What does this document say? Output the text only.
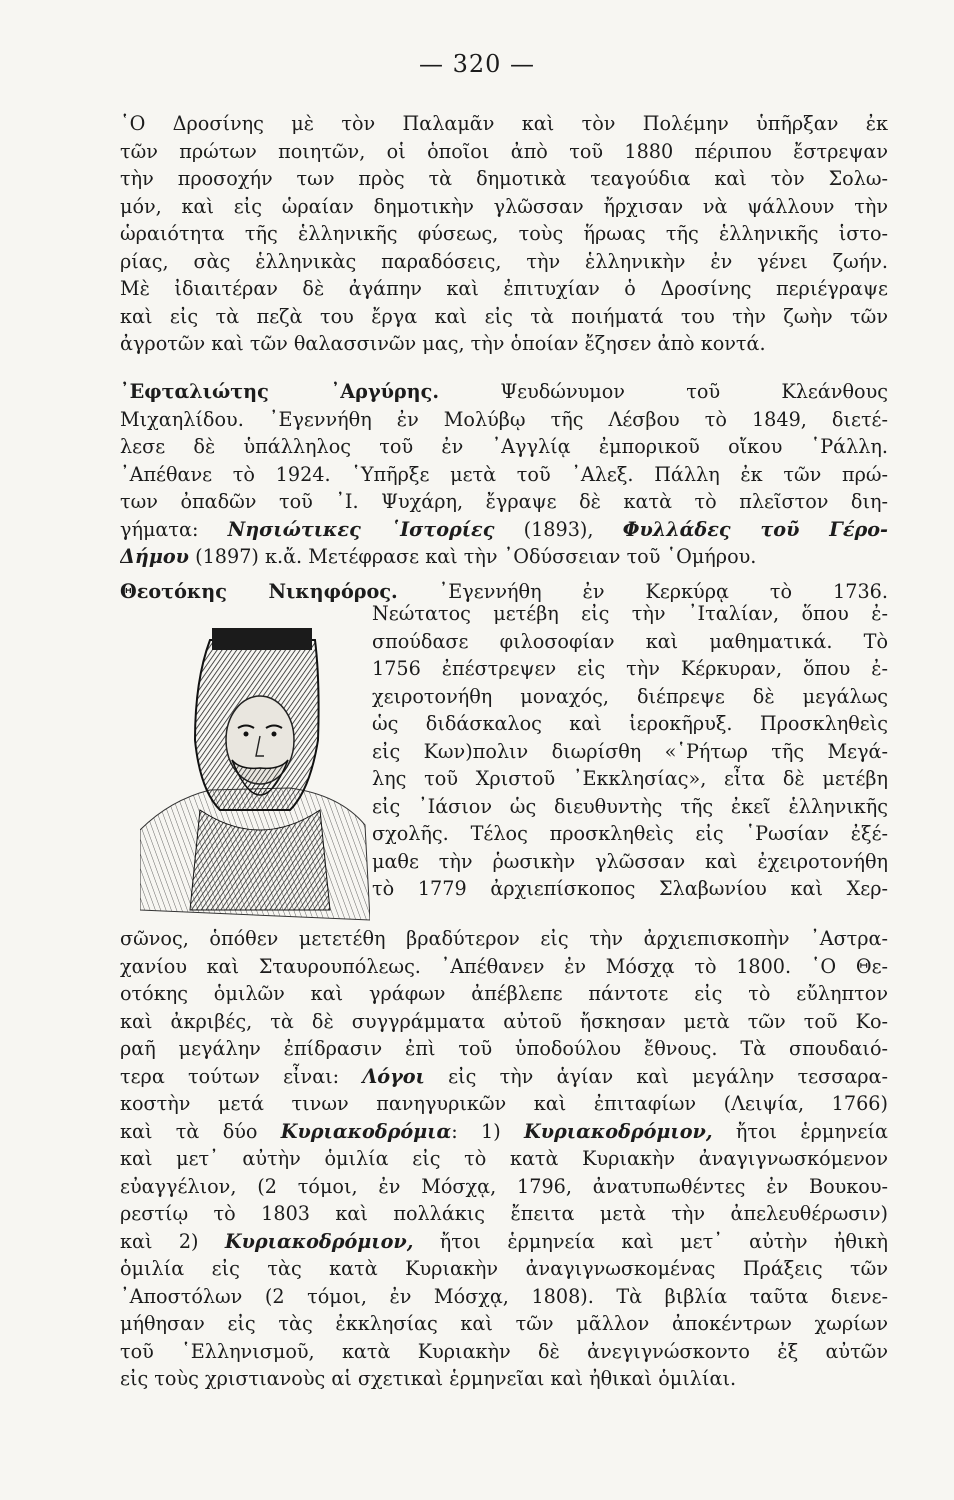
— 320 —
῾Ο Δροσίνης μὲ τὸν Παλαμᾶν καὶ τὸν Πολέμην ὑπῆρξαν ἐκ
τῶν πρώτων ποιητῶν, οἱ ὁποῖοι ἀπὸ τοῦ 1880 πέριπου ἔστρεψαν
τὴν προσοχήν των πρὸς τὰ δημοτικὰ τεαγούδια καὶ τὸν Σολω-
μόν, καὶ εἰς ὡραίαν δημοτικὴν γλῶσσαν ἤρχισαν νὰ ψάλλουν τὴν
ὡραιότητα τῆς ἑλληνικῆς φύσεως, τοὺς ἥρωας τῆς ἑλληνικῆς ἱστο-
ρίας, σὰς ἑλληνικὰς παραδόσεις, τὴν ἑλληνικὴν ἐν γένει ζωήν.
Μὲ ἰδιαιτέραν δὲ ἀγάπην καὶ ἐπιτυχίαν ὁ Δροσίνης περιέγραψε
καὶ εἰς τὰ πεζὰ του ἔργα καὶ εἰς τὰ ποιήματά του τὴν ζωὴν τῶν
ἀγροτῶν καὶ τῶν θαλασσινῶν μας, τὴν ὁποίαν ἔζησεν ἀπὸ κοντά.
᾿Εφταλιώτης ᾿Αργύρης. Ψευδώνυμον τοῦ Κλεάνθους
Μιχαηλίδου. ᾿Εγεννήθη ἐν Μολύβῳ τῆς Λέσβου τὸ 1849, διετέ-
λεσε δὲ ὑπάλληλος τοῦ ἐν ᾿Αγγλίᾳ ἐμπορικοῦ οἴκου ῾Ράλλη.
᾿Απέθανε τὸ 1924. ῾Υπῆρξε μετὰ τοῦ ᾿Αλεξ. Πάλλη ἐκ τῶν πρώ-
των ὀπαδῶν τοῦ ᾿Ι. Ψυχάρη, ἔγραψε δὲ κατὰ τὸ πλεῖστον διη-
γήματα: Νησιώτικες ῾Ιστορίες (1893), Φυλλάδες τοῦ Γέρο-
Δήμου (1897) κ.ἄ. Μετέφρασε καὶ τὴν ᾿Οδύσσειαν τοῦ ῾Ομήρου.
Θεοτόκης Νικηφόρος. ᾿Εγεννήθη ἐν Κερκύρᾳ τὸ 1736.
Νεώτατος μετέβη εἰς τὴν ᾿Ιταλίαν, ὅπου ἐ-
σπούδασε φιλοσοφίαν καὶ μαθηματικά. Τὸ
1756 ἐπέστρεψεν εἰς τὴν Κέρκυραν, ὅπου ἐ-
χειροτονήθη μοναχός, διέπρεψε δὲ μεγάλως
ὡς διδάσκαλος καὶ ἱεροκῆρυξ. Προσκληθεὶς
εἰς Κων)πολιν διωρίσθη «῾Ρήτωρ τῆς Μεγά-
λης τοῦ Χριστοῦ ᾿Εκκλησίας», εἶτα δὲ μετέβη
εἰς ᾿Ιάσιον ὡς διευθυντὴς τῆς ἐκεῖ ἑλληνικῆς
σχολῆς. Τέλος προσκληθεὶς εἰς ῾Ρωσίαν ἐξέ-
μαθε τὴν ῥωσικὴν γλῶσσαν καὶ ἐχειροτονήθη
τὸ 1779 ἀρχιεπίσκοπος Σλαβωνίου καὶ Χερ-
σῶνος, ὁπόθεν μετετέθη βραδύτερον εἰς τὴν ἀρχιεπισκοπὴν ᾿Αστρα-
χανίου καὶ Σταυρουπόλεως. ᾿Απέθανεν ἐν Μόσχᾳ τὸ 1800. ῾Ο Θε-
οτόκης ὁμιλῶν καὶ γράφων ἀπέβλεπε πάντοτε εἰς τὸ εὔληπτον
καὶ ἀκριβές, τὰ δὲ συγγράμματα αὐτοῦ ἤσκησαν μετὰ τῶν τοῦ Κο-
ραῆ μεγάλην ἐπίδρασιν ἐπὶ τοῦ ὑποδούλου ἔθνους. Τὰ σπουδαιό-
τερα τούτων εἶναι: Λόγοι εἰς τὴν ἁγίαν καὶ μεγάλην τεσσαρα-
κοστὴν μετά τινων πανηγυρικῶν καὶ ἐπιταφίων (Λειψία, 1766)
καὶ τὰ δύο Κυριακοδρόμια: 1) Κυριακοδρόμιον, ἤτοι ἑρμηνεία
καὶ μετ᾿ αὐτὴν ὁμιλία εἰς τὸ κατὰ Κυριακὴν ἀναγιγνωσκόμενον
εὐαγγέλιον, (2 τόμοι, ἐν Μόσχᾳ, 1796, ἀνατυπωθέντες ἐν Βουκου-
ρεστίῳ τὸ 1803 καὶ πολλάκις ἔπειτα μετὰ τὴν ἀπελευθέρωσιν)
καὶ 2) Κυριακοδρόμιον, ἤτοι ἑρμηνεία καὶ μετ᾿ αὐτὴν ἠθικὴ
ὁμιλία εἰς τὰς κατὰ Κυριακὴν ἀναγιγνωσκομένας Πράξεις τῶν
᾿Αποστόλων (2 τόμοι, ἐν Μόσχᾳ, 1808). Τὰ βιβλία ταῦτα διενε-
μήθησαν εἰς τὰς ἐκκλησίας καὶ τῶν μᾶλλον ἀποκέντρων χωρίων
τοῦ ῾Ελληνισμοῦ, κατὰ Κυριακὴν δὲ ἀνεγιγνώσκοντο ἐξ αὐτῶν
εἰς τοὺς χριστιανοὺς αἱ σχετικαὶ ἑρμηνεῖαι καὶ ἠθικαὶ ὁμιλίαι.
